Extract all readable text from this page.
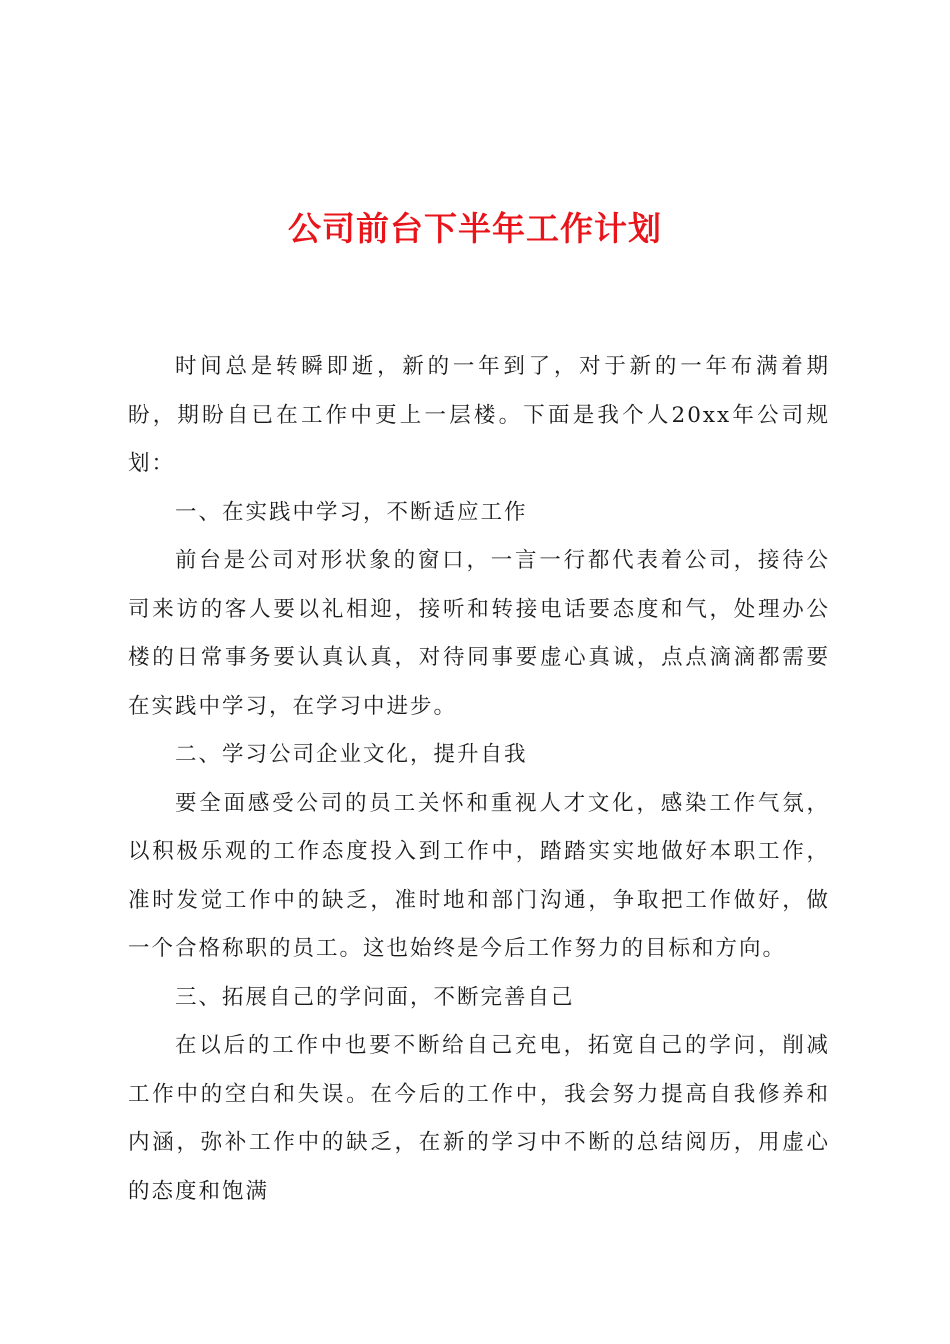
公司前台下半年工作计划

时间总是转瞬即逝，新的一年到了，对于新的一年布满着期盼，期盼自已在工作中更上一层楼。下面是我个人20xx年公司规划：

一、在实践中学习，不断适应工作

前台是公司对形状象的窗口，一言一行都代表着公司，接待公司来访的客人要以礼相迎，接听和转接电话要态度和气，处理办公楼的日常事务要认真认真，对待同事要虚心真诚，点点滴滴都需要在实践中学习，在学习中进步。

二、学习公司企业文化，提升自我

要全面感受公司的员工关怀和重视人才文化，感染工作气氛，以积极乐观的工作态度投入到工作中，踏踏实实地做好本职工作，准时发觉工作中的缺乏，准时地和部门沟通，争取把工作做好，做一个合格称职的员工。这也始终是今后工作努力的目标和方向。

三、拓展自己的学问面，不断完善自己

在以后的工作中也要不断给自己充电，拓宽自己的学问，削减工作中的空白和失误。在今后的工作中，我会努力提高自我修养和内涵，弥补工作中的缺乏，在新的学习中不断的总结阅历，用虚心的态度和饱满
